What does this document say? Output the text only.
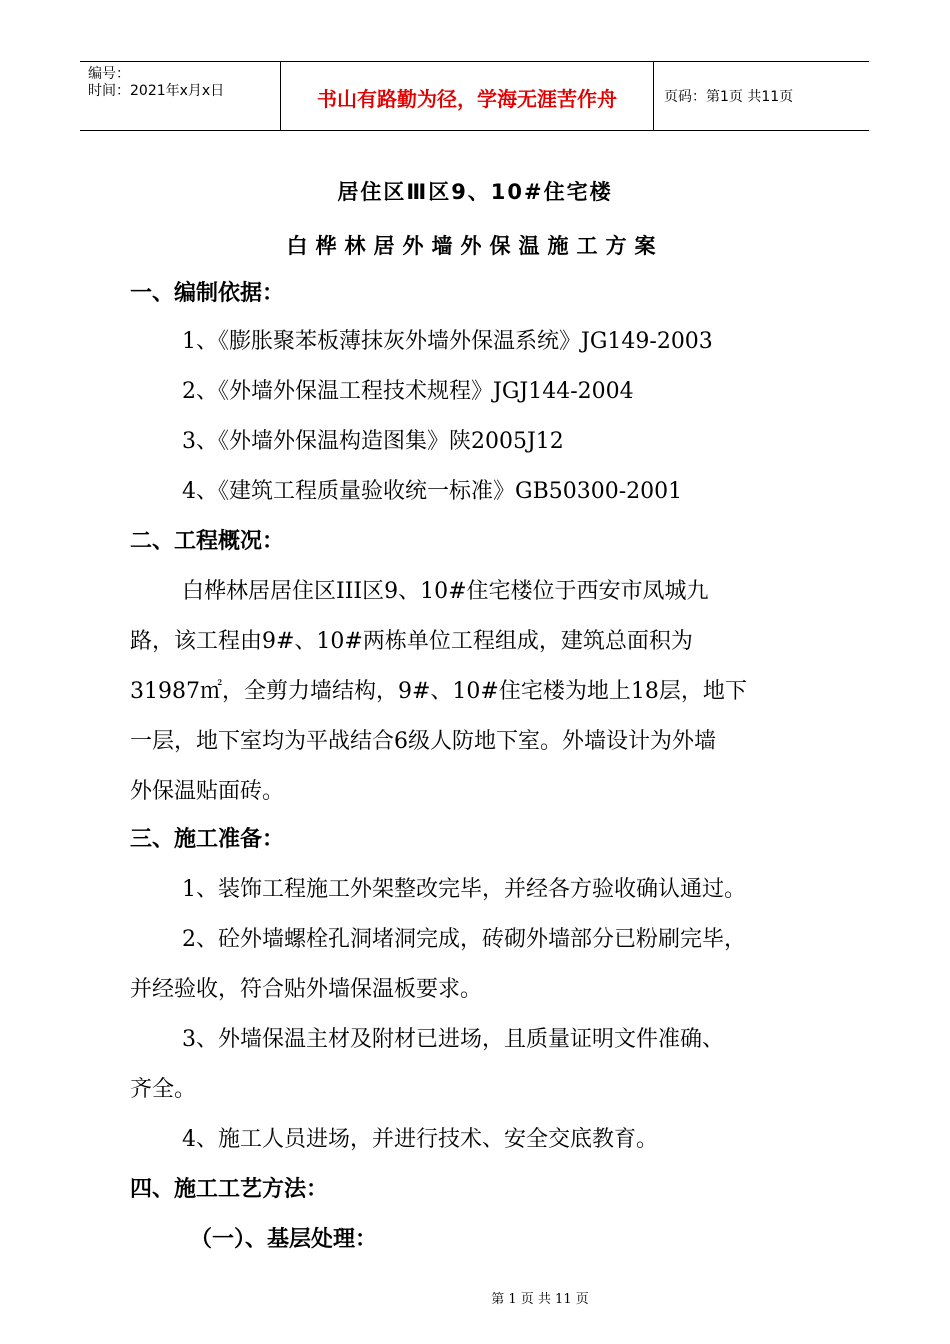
编号：
时间：2021年x月x日	书山有路勤为径，学海无涯苦作舟	页码：第1页 共11页
居住区Ⅲ区9、10#住宅楼
白桦林居外墙外保温施工方案
一、编制依据：
1、《膨胀聚苯板薄抹灰外墙外保温系统》JG149-2003
2、《外墙外保温工程技术规程》JGJ144-2004
3、《外墙外保温构造图集》陕2005J12
4、《建筑工程质量验收统一标准》GB50300-2001
二、工程概况：
白桦林居居住区III区9、10#住宅楼位于西安市凤城九
路，该工程由9#、10#两栋单位工程组成，建筑总面积为
31987㎡，全剪力墙结构，9#、10#住宅楼为地上18层，地下
一层，地下室均为平战结合6级人防地下室。外墙设计为外墙
外保温贴面砖。
三、施工准备：
1、装饰工程施工外架整改完毕，并经各方验收确认通过。
2、砼外墙螺栓孔洞堵洞完成，砖砌外墙部分已粉刷完毕，
并经验收，符合贴外墙保温板要求。
3、外墙保温主材及附材已进场，且质量证明文件准确、
齐全。
4、施工人员进场，并进行技术、安全交底教育。
四、施工工艺方法：
（一）、基层处理：
第 1 页 共 11 页
